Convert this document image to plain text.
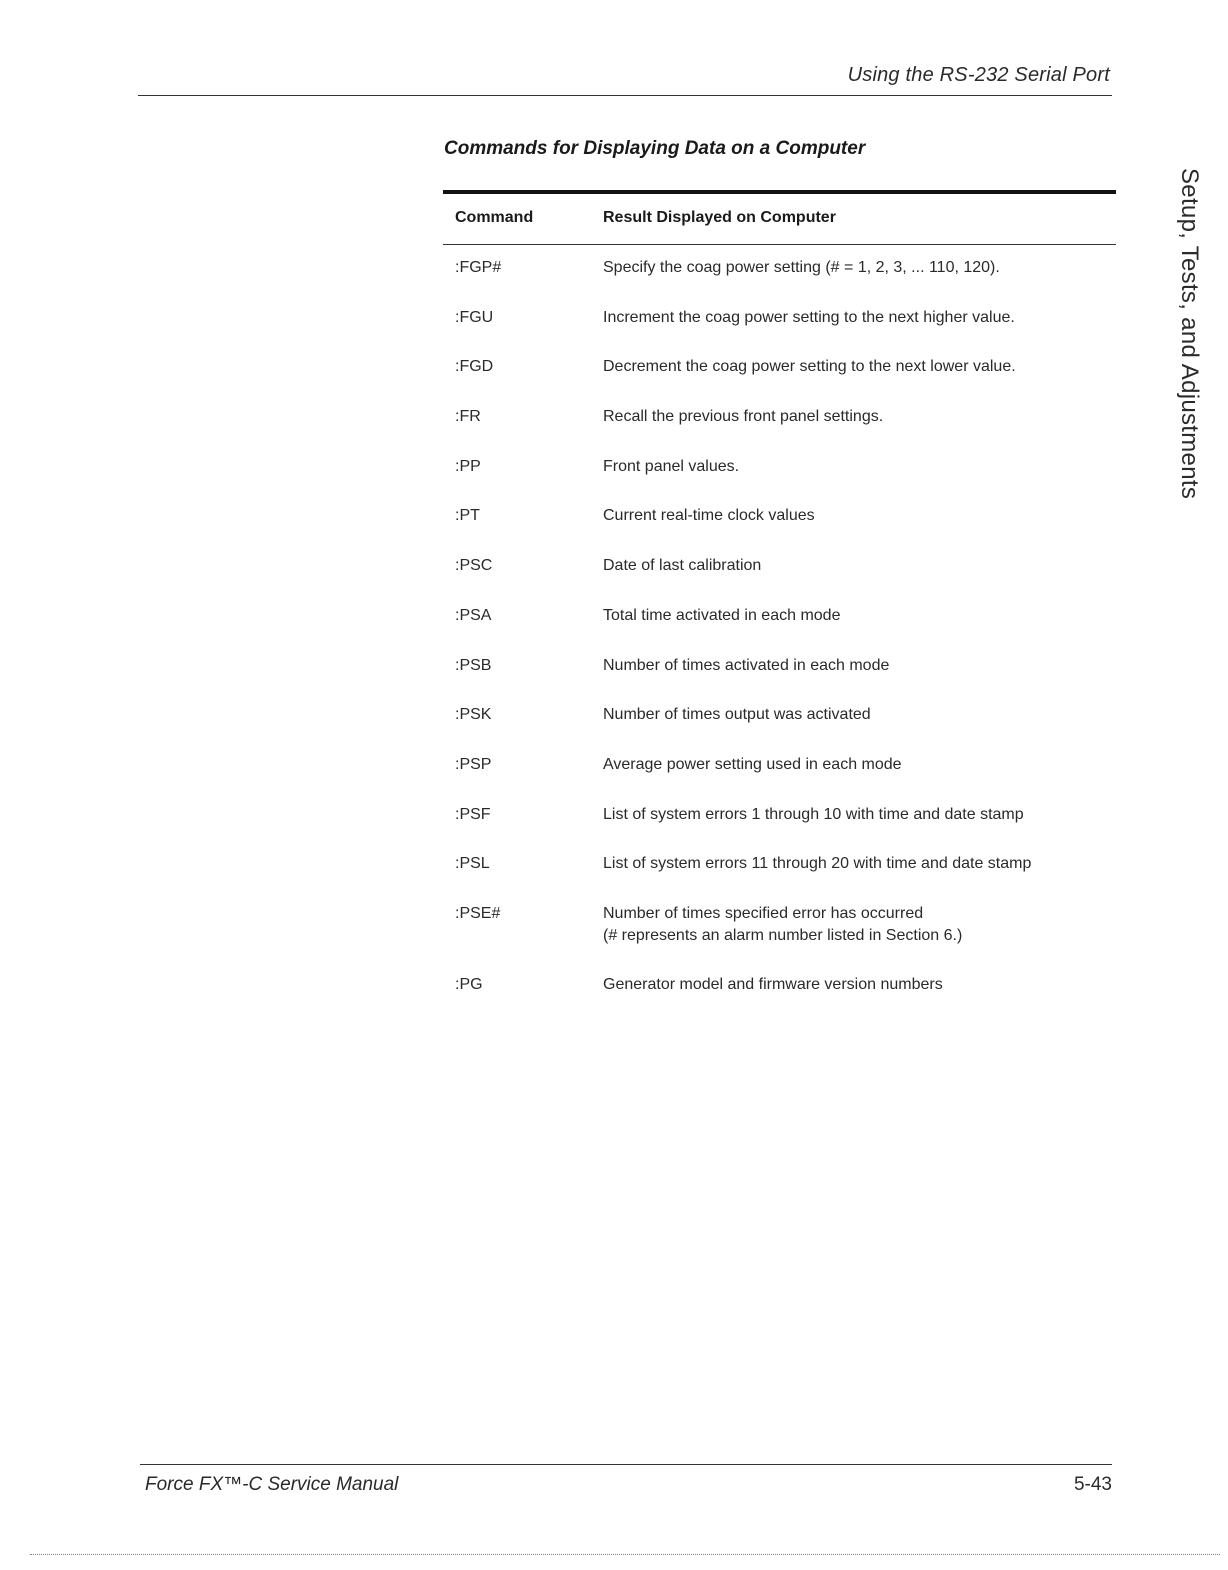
Using the RS-232 Serial Port
Commands for Displaying Data on a Computer
Setup, Tests, and Adjustments
Command	Result Displayed on Computer
:FGP#	Specify the coag power setting (# = 1, 2, 3, ... 110, 120).
:FGU	Increment the coag power setting to the next higher value.
:FGD	Decrement the coag power setting to the next lower value.
:FR	Recall the previous front panel settings.
:PP	Front panel values.
:PT	Current real-time clock values
:PSC	Date of last calibration
:PSA	Total time activated in each mode
:PSB	Number of times activated in each mode
:PSK	Number of times output was activated
:PSP	Average power setting used in each mode
:PSF	List of system errors 1 through 10 with time and date stamp
:PSL	List of system errors 11 through 20 with time and date stamp
:PSE#	Number of times specified error has occurred
(# represents an alarm number listed in Section 6.)
:PG	Generator model and firmware version numbers
Force FX™-C Service Manual	5-43
